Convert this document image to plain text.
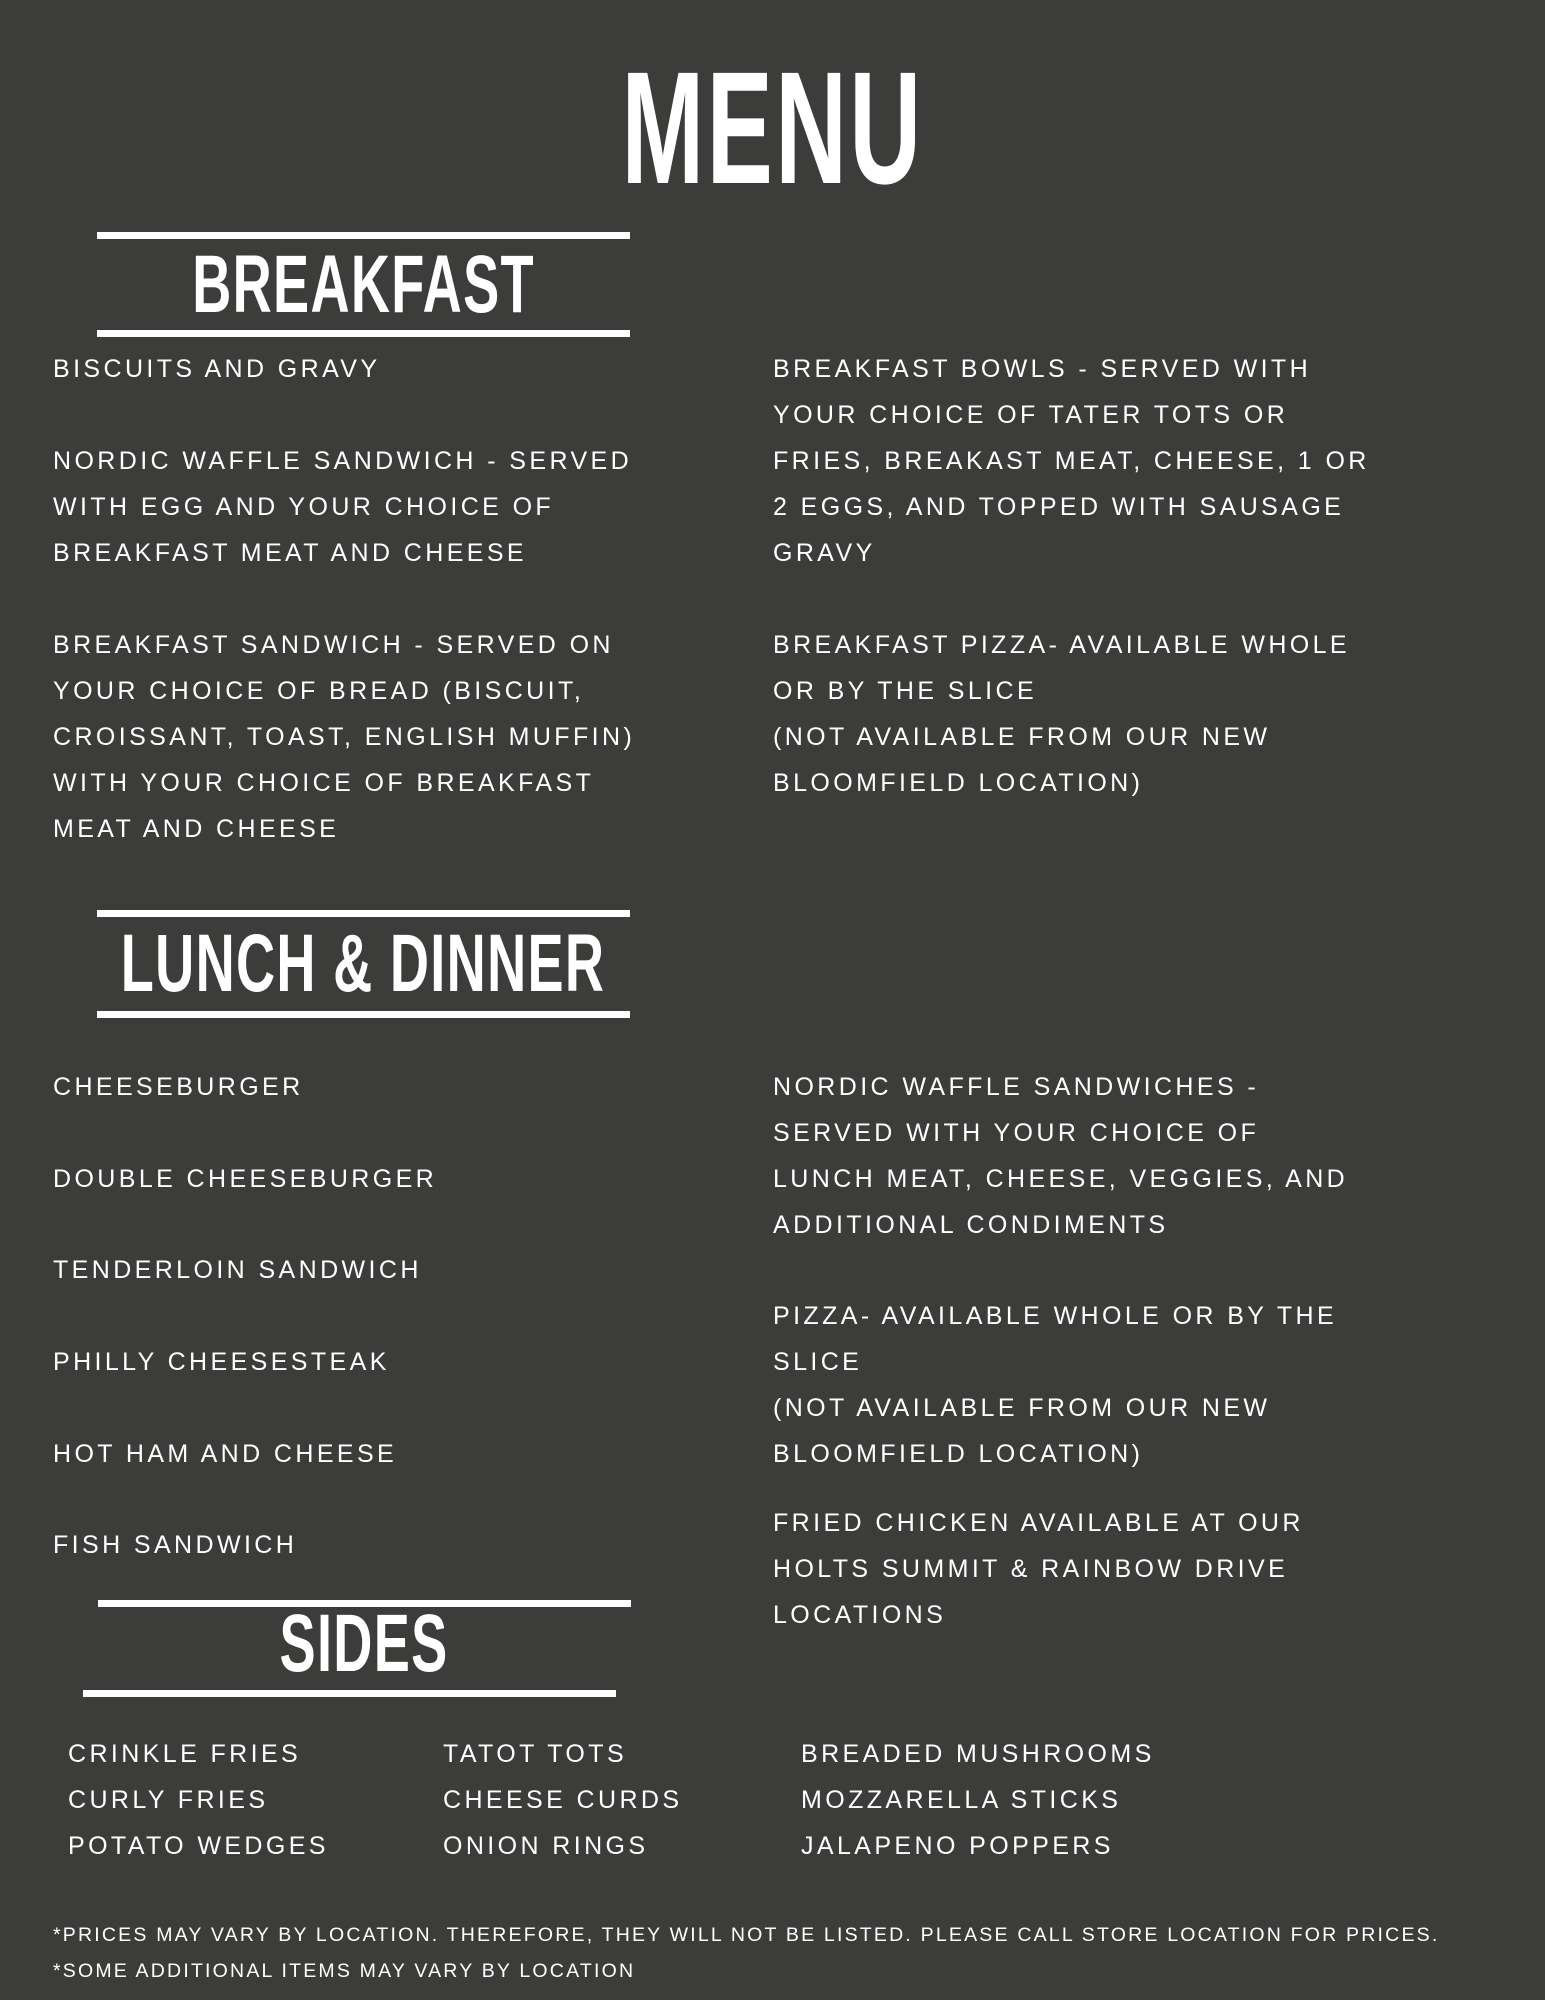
MENU
BREAKFAST
BISCUITS AND GRAVY
NORDIC WAFFLE SANDWICH - SERVED
WITH EGG AND YOUR CHOICE OF
BREAKFAST MEAT AND CHEESE
BREAKFAST SANDWICH - SERVED ON
YOUR CHOICE OF BREAD (BISCUIT,
CROISSANT, TOAST, ENGLISH MUFFIN)
WITH YOUR CHOICE OF BREAKFAST
MEAT AND CHEESE
BREAKFAST BOWLS - SERVED WITH
YOUR CHOICE OF TATER TOTS OR
FRIES, BREAKAST MEAT, CHEESE, 1 OR
2 EGGS, AND TOPPED WITH SAUSAGE
GRAVY
BREAKFAST PIZZA- AVAILABLE WHOLE
OR BY THE SLICE
(NOT AVAILABLE FROM OUR NEW
BLOOMFIELD LOCATION)
LUNCH & DINNER
CHEESEBURGER
DOUBLE CHEESEBURGER
TENDERLOIN SANDWICH
PHILLY CHEESESTEAK
HOT HAM AND CHEESE
FISH SANDWICH
NORDIC WAFFLE SANDWICHES -
SERVED WITH YOUR CHOICE OF
LUNCH MEAT, CHEESE, VEGGIES, AND
ADDITIONAL CONDIMENTS
PIZZA- AVAILABLE WHOLE OR BY THE
SLICE
(NOT AVAILABLE FROM OUR NEW
BLOOMFIELD LOCATION)
FRIED CHICKEN AVAILABLE AT OUR
HOLTS SUMMIT & RAINBOW DRIVE
LOCATIONS
SIDES
CRINKLE FRIES
CURLY FRIES
POTATO WEDGES
TATOT TOTS
CHEESE CURDS
ONION RINGS
BREADED MUSHROOMS
MOZZARELLA STICKS
JALAPENO POPPERS
*PRICES MAY VARY BY LOCATION. THEREFORE, THEY WILL NOT BE LISTED. PLEASE CALL STORE LOCATION FOR PRICES.
*SOME ADDITIONAL ITEMS MAY VARY BY LOCATION
